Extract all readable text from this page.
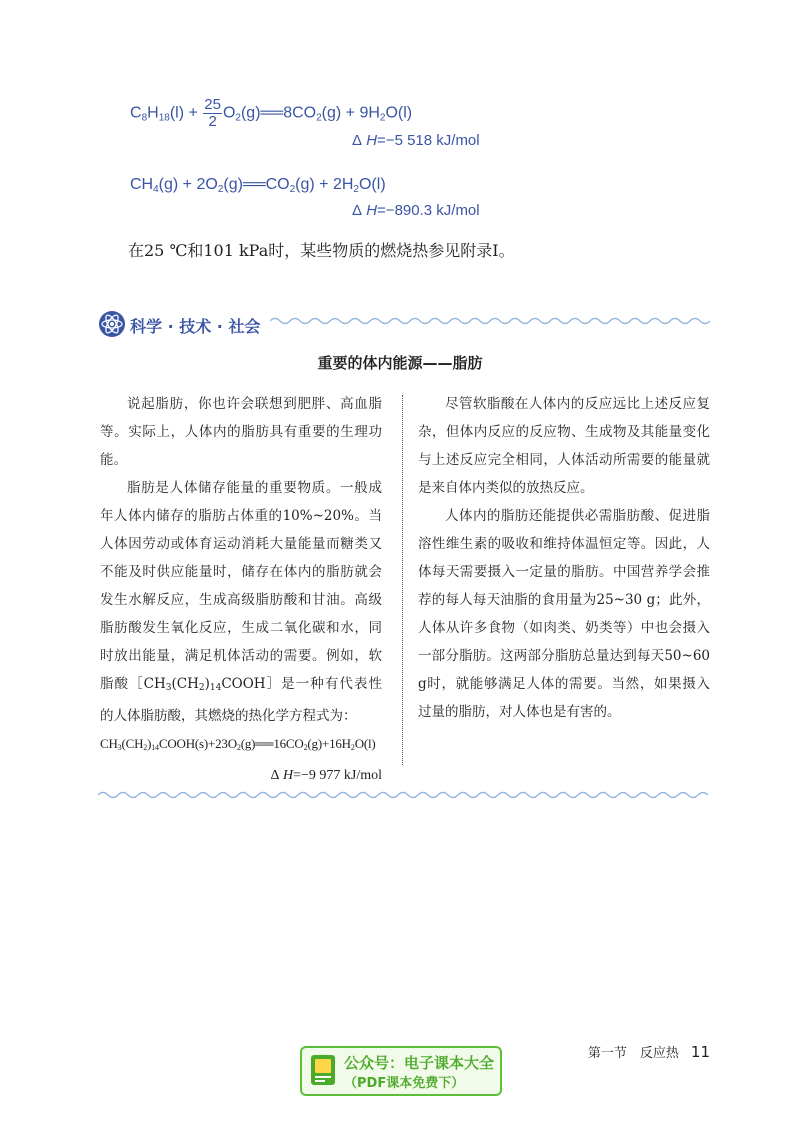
$C_8H_{18}(l) + \frac{25}{2}$ $O_2(g)══8CO_2(g) + 9H_2O(l)$
Δ H=−5 518 kJ/mol
$CH_4(g)$ + $2O_2(g)══CO_2(g) + 2H_2O(l)$
Δ H=−890.3 kJ/mol
在25 ℃和101 kPa时，某些物质的燃烧热参见附录Ⅰ。
科学 · 技术 · 社会
重要的体内能源——脂肪

说起脂肪，你也许会联想到肥胖、高血脂等。实际上，人体内的脂肪具有重要的生理功能。

脂肪是人体储存能量的重要物质。一般成年人体内储存的脂肪占体重的10%~20%。当人体因劳动或体育运动消耗大量能量而糖类又不能及时供应能量时，储存在体内的脂肪就会发生水解反应，生成高级脂肪酸和甘油。高级脂肪酸发生氧化反应，生成二氧化碳和水，同时放出能量，满足机体活动的需要。例如，软脂酸$[CH_3(CH_2)_{14}COOH]$是一种有代表性的人体脂肪酸，其燃烧的热化学方程式为：

$CH_3(CH_2)_{14}COOH(s)+23O_2(g)══16CO_2(g)+16H_2O(l)$

Δ H=−9 977 kJ/mol

尽管软脂酸在人体内的反应远比上述反应复杂，但体内反应的反应物、生成物及其能量变化与上述反应完全相同，人体活动所需要的能量就是来自体内类似的放热反应。

人体内的脂肪还能提供必需脂肪酸、促进脂溶性维生素的吸收和维持体温恒定等。因此，人体每天需要摄入一定量的脂肪。中国营养学会推荐的每人每天油脂的食用量为25~30 g；此外，人体从许多食物（如肉类、奶类等）中也会摄入一部分脂肪。这两部分脂肪总量达到每天50~60 g时，就能够满足人体的需要。当然，如果摄入过量的脂肪，对人体也是有害的。

第一节　反应热 11
公众号：电子课本大全
（PDF课本免费下）
